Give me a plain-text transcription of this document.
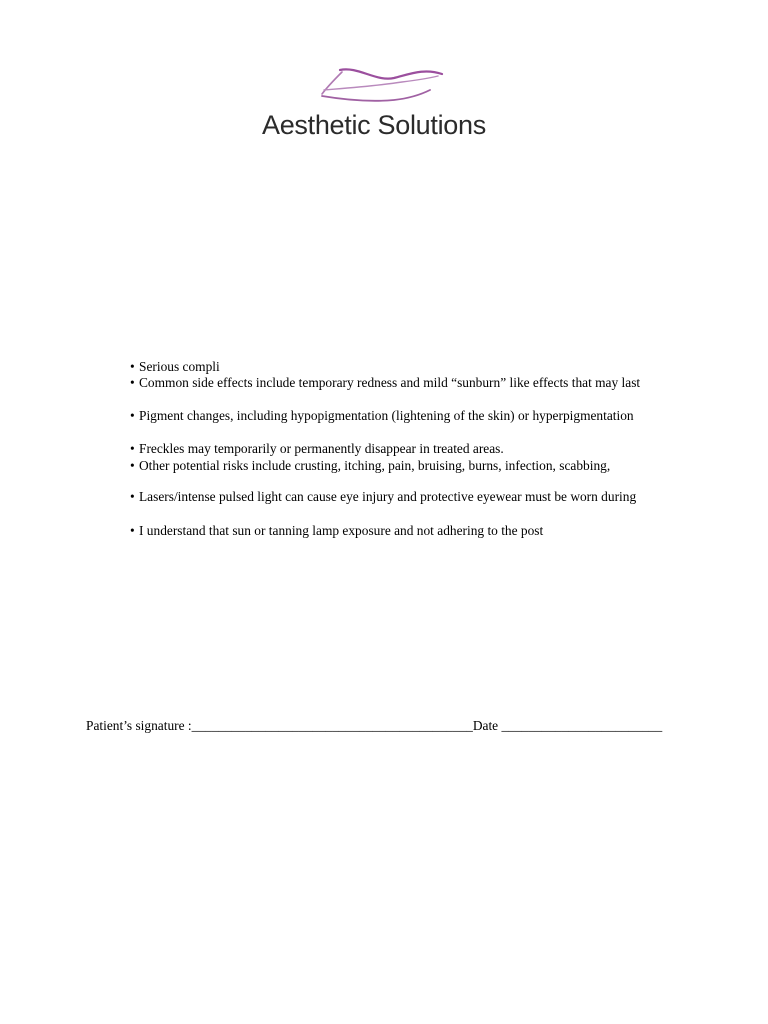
Aesthetic Solutions
• Serious compli
• Common side effects include temporary redness and mild “sunburn” like effects that may last
• Pigment changes, including hypopigmentation (lightening of the skin) or hyperpigmentation
• Freckles may temporarily or permanently disappear in treated areas.
• Other potential risks include crusting, itching, pain, bruising, burns, infection, scabbing,
• Lasers/intense pulsed light can cause eye injury and protective eyewear must be worn during
• I understand that sun or tanning lamp exposure and not adhering to the post
Patient’s signature :__________________________________________Date ________________________
